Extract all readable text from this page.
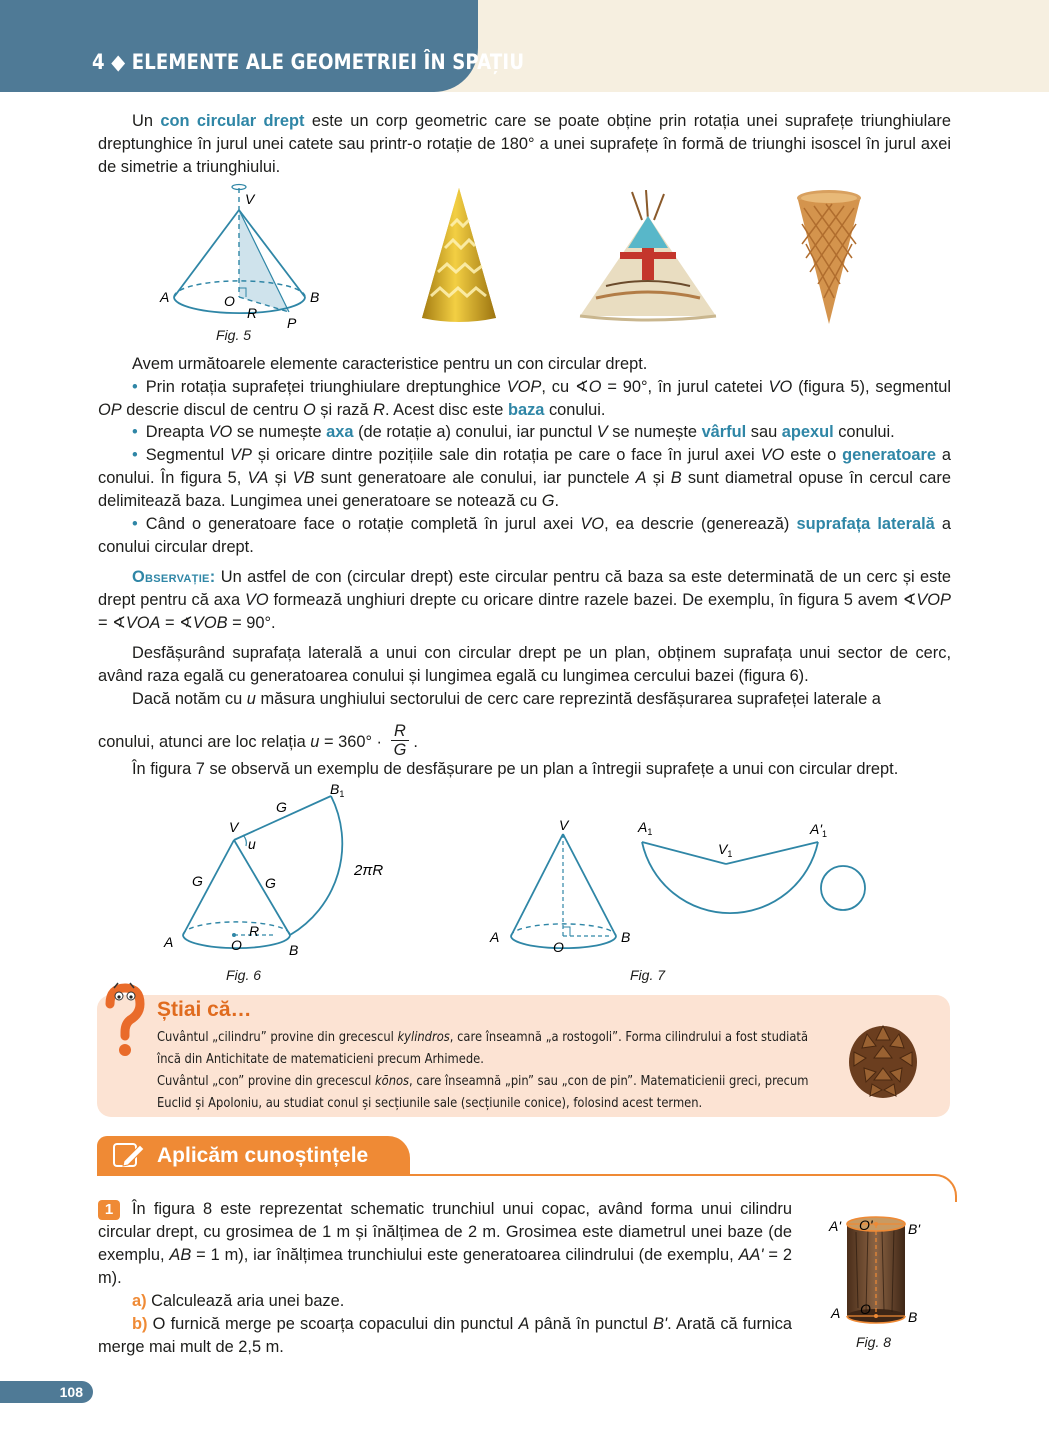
4 ◆ ELEMENTE ALE GEOMETRIEI ÎN SPAȚIU

Un con circular drept este un corp geometric care se poate obține prin rotația unei suprafețe triunghiulare dreptunghice în jurul unei catete sau printr-o rotație de 180° a unei suprafețe în formă de triunghi isoscel în jurul axei de simetrie a triunghiului.

V
A	O	B
R
P
Fig. 5

Avem următoarele elemente caracteristice pentru un con circular drept.

• Prin rotația suprafeței triunghiulare dreptunghice VOP, cu ∢O = 90°, în jurul catetei VO (figura 5), segmentul OP descrie discul de centru O și rază R. Acest disc este baza conului.

• Dreapta VO se numește axa (de rotație a) conului, iar punctul V se numește vârful sau apexul conului.

• Segmentul VP și oricare dintre pozițiile sale din rotația pe care o face în jurul axei VO este o generatoare a conului. În figura 5, VA și VB sunt generatoare ale conului, iar punctele A și B sunt diametral opuse în cercul care delimitează baza. Lungimea unei generatoare se notează cu G.

• Când o generatoare face o rotație completă în jurul axei VO, ea descrie (generează) suprafața laterală a conului circular drept.

Observație: Un astfel de con (circular drept) este circular pentru că baza sa este determinată de un cerc și este drept pentru că axa VO formează unghiuri drepte cu oricare dintre razele bazei. De exemplu, în figura 5 avem ∢VOP = ∢VOA = ∢VOB = 90°.

Desfășurând suprafața laterală a unui con circular drept pe un plan, obținem suprafața unui sector de cerc, având raza egală cu generatoarea conului și lungimea egală cu lungimea cercului bazei (figura 6).

Dacă notăm cu u măsura unghiului sectorului de cerc care reprezintă desfășurarea suprafeței laterale a

conului, atunci are loc relația $u = 360^\circ \cdot \frac{R}{G}$ .

În figura 7 se observă un exemplu de desfășurare pe un plan a întregii suprafețe a unui con circular drept.

$B_1$
G
V
u
G	G
2πR
A	O
R
B
Fig. 6
V
A
O
B
$A_1$	$A'_1$
$V_1$
Fig. 7
Știai că…

Cuvântul „cilindru” provine din grecescul kylindros, care înseamnă „a rostogoli”. Forma cilindrului a fost studiată

încă din Antichitate de matematicieni precum Arhimede.

Cuvântul „con” provine din grecescul kōnos, care înseamnă „pin” sau „con de pin”. Matematicienii greci, precum

Euclid și Apoloniu, au studiat conul și secțiunile sale (secțiunile conice), folosind acest termen.

Aplicăm cunoștințele

1 În figura 8 este reprezentat schematic trunchiul unui copac, având forma unui cilindru circular drept, cu grosimea de 1 m și înălțimea de 2 m. Grosimea este diametrul unei baze (de exemplu, AB = 1 m), iar înălțimea trunchiului este generatoarea cilindrului (de exemplu, AA' = 2 m).

a) Calculează aria unei baze.

b) O furnică merge pe scoarța copacului din punctul A până în punctul B'. Arată că furnica merge mai mult de 2,5 m.

A' O'	B'
A O	B
Fig. 8
108
